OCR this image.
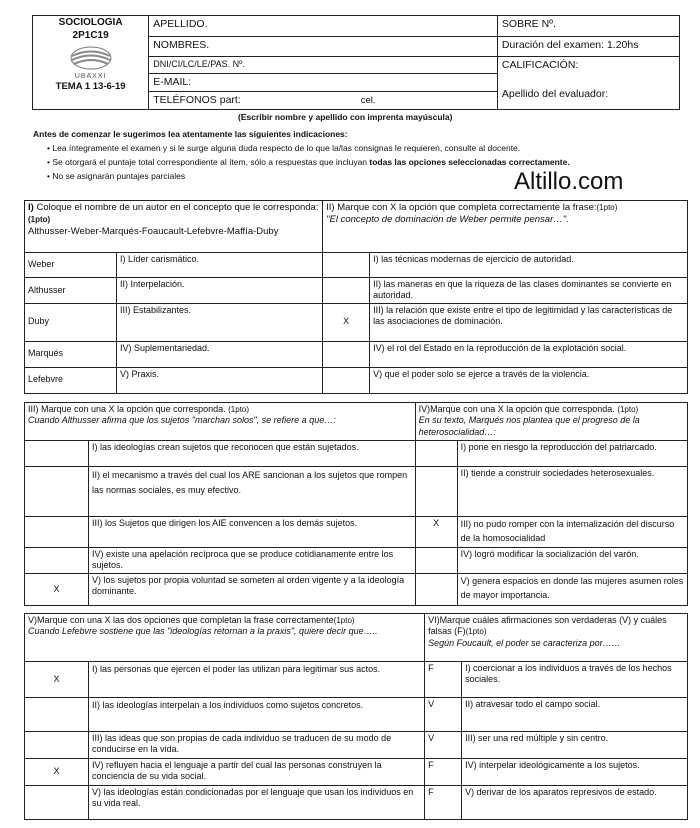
SOCIOLOGIA
2P1C19
UBAXXI
TEMA 1 13-6-19	APELLIDO.	SOBRE Nº.
	NOMBRES.	Duración del examen: 1.20hs
	DNI/CI/LC/LE/PAS. Nº.	CALIFICACIÓN:
Apellido del evaluador:

	E-MAIL:	
	TELÉFONOS part: cel.	
(Escribir nombre y apellido con imprenta mayúscula)
Antes de comenzar le sugerimos lea atentamente las siguientes indicaciones:
• Lea íntegramente el examen y si le surge alguna duda respecto de lo que la/las consignas le requieren, consulte al docente.
• Se otorgará el puntaje total correspondiente al ítem, sólo a respuestas que incluyan todas las opciones seleccionadas correctamente.
• No se asignarán puntajes parciales	Altillo.com
I) Coloque el nombre de un autor en el concepto que le corresponda:(1pto)
Althusser-Weber-Marqués-Foaucault-Lefebvre-Maffía-Duby		II) Marque con X la opción que completa correctamente la frase:(1pto)
"El concepto de dominación de Weber permite pensar…".	
Weber	I) Líder carismático.		I) las técnicas modernas de ejercicio de autoridad.
Althusser	II) Interpelación.		II) las maneras en que la riqueza de las clases dominantes se convierte en autoridad.
Duby	III) Estabilizantes.	X	III) la relación que existe entre el tipo de legitimidad y las características de las asociaciones de dominación.
Marqués	IV) Suplementariedad.		IV) el rol del Estado en la reproducción de la explotación social.
Lefebvre	V) Praxis.		V) que el poder solo se ejerce a través de la violencia.
III) Marque con una X la opción que corresponda. (1pto)
Cuando Althusser afirma que los sujetos "marchan solos", se refiere a que…:		IV)Marque con una X la opción que corresponda. (1pto)
En su texto, Marqués nos plantea que el progreso de la heterosocialidad…:	
	I) las ideologías crean sujetos que reconocen que están sujetados.		I) pone en riesgo la reproducción del patriarcado.
	II) el mecanismo a través del cual los ARE sancionan a los sujetos que rompen las normas sociales, es muy efectivo.		II) tiende a construir sociedades heterosexuales.
	III) los Sujetos que dirigen los AIE convencen a los demás sujetos.	X	III) no pudo romper con la internalización del discurso de la homosocialidad
	IV) existe una apelación recíproca que se produce cotidianamente entre los sujetos.		IV) logró modificar la socialización del varón.
X	V) los sujetos por propia voluntad se someten al orden vigente y a la ideología dominante.		V) genera espacios en donde las mujeres asumen roles de mayor importancia.
V)Marque con una X las dos opciones que completan la frase correctamente(1pto)
Cuando Lefebvre sostiene que las "ideologías retornan a la praxis", quiere decir que…..		VI)Marque cuáles afirmaciones son verdaderas (V) y cuáles falsas (F)(1pto)
Según Foucault, el poder se caracteriza por……	
X	I) las personas que ejercen el poder las utilizan para legitimar sus actos.	F	I) coercionar a los individuos a través de los hechos sociales.
	II) las ideologías interpelan a los individuos como sujetos concretos.	V	II) atravesar todo el campo social.
	III) las ideas que son propias de cada individuo se traducen de su modo de conducirse en la vida.	V	III) ser una red múltiple y sin centro.
X	IV) refluyen hacia el lenguaje a partir del cual las personas construyen la conciencia de su vida social.	F	IV) interpelar ideológicamente a los sujetos.
	V) las ideologías están condicionadas por el lenguaje que usan los individuos en su vida real.	F	V) derivar de los aparatos represivos de estado.
